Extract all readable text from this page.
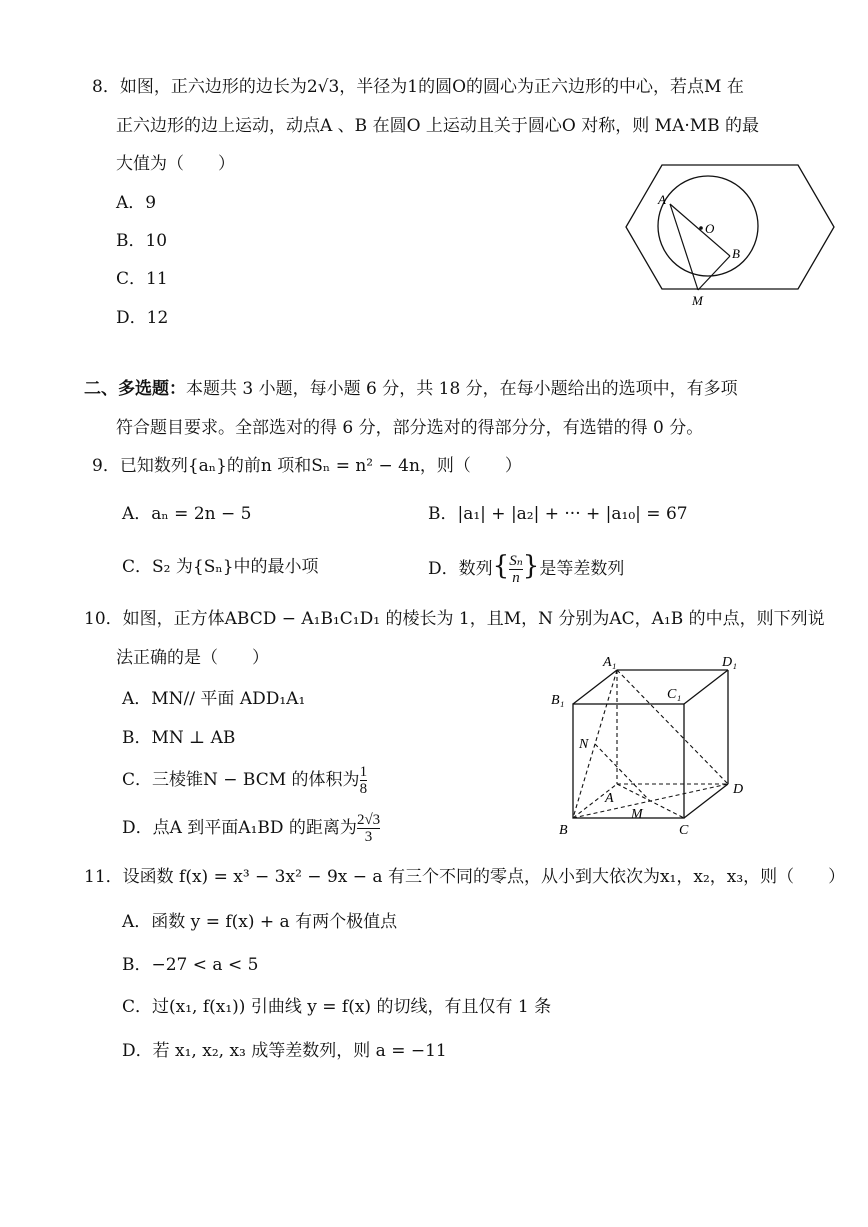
8．如图，正六边形的边长为2√3，半径为1的圆O的圆心为正六边形的中心，若点M 在
正六边形的边上运动，动点A 、B 在圆O 上运动且关于圆心O 对称，则 MA·MB 的最
大值为（　　）
A．9
B．10
C．11
D．12
A
O
B
M
二、多选题：本题共 3 小题，每小题 6 分，共 18 分，在每小题给出的选项中，有多项
符合题目要求。全部选对的得 6 分，部分选对的得部分分，有选错的得 0 分。
9．已知数列{aₙ}的前n 项和Sₙ = n² − 4n，则（　　）
A．aₙ = 2n − 5	B．|a₁| + |a₂| + ··· + |a₁₀| = 67
C．S₂ 为{Sₙ}中的最小项	D．数列{ $\frac{\text{Sₙ}}{n}$ }是等差数列
10．如图，正方体ABCD − A₁B₁C₁D₁ 的棱长为 1，且M，N 分别为AC，A₁B 的中点，则下列说
法正确的是（　　）
A．MN// 平面 ADD₁A₁
B．MN ⊥ AB
C．三棱锥N − BCM 的体积为 $\frac{1}{8}$
D．点A 到平面A₁BD 的距离为 $\frac{2√3}{3}$
A₁	D₁
B₁	C₁
N
A
D
M
B	C
11．设函数 f(x) = x³ − 3x² − 9x − a 有三个不同的零点，从小到大依次为x₁，x₂，x₃，则（　　）
A．函数 y = f(x) + a 有两个极值点
B．−27 < a < 5
C．过(x₁, f(x₁)) 引曲线 y = f(x) 的切线，有且仅有 1 条
D．若 x₁, x₂, x₃ 成等差数列，则 a = −11
